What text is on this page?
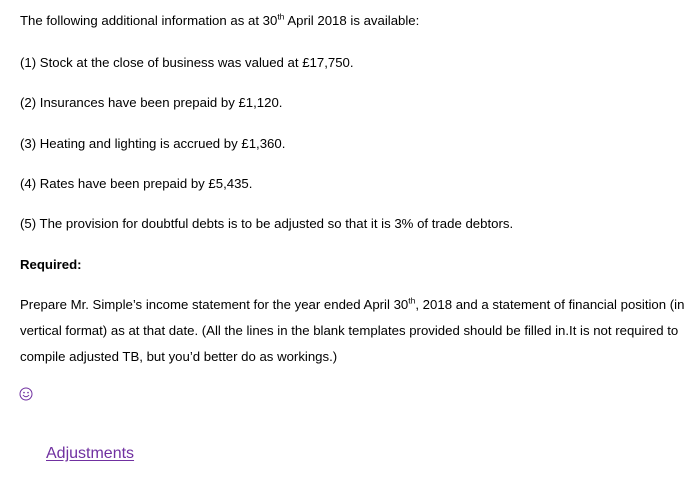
The following additional information as at 30th April 2018 is available:
(1) Stock at the close of business was valued at £17,750.
(2) Insurances have been prepaid by £1,120.
(3) Heating and lighting is accrued by £1,360.
(4) Rates have been prepaid by £5,435.
(5) The provision for doubtful debts is to be adjusted so that it is 3% of trade debtors.
Required:
Prepare Mr. Simple’s income statement for the year ended April 30th, 2018 and a statement of financial position (in
vertical format) as at that date. (All the lines in the blank templates provided should be filled in.It is not required to
compile adjusted TB, but you’d better do as workings.)
Adjustments
